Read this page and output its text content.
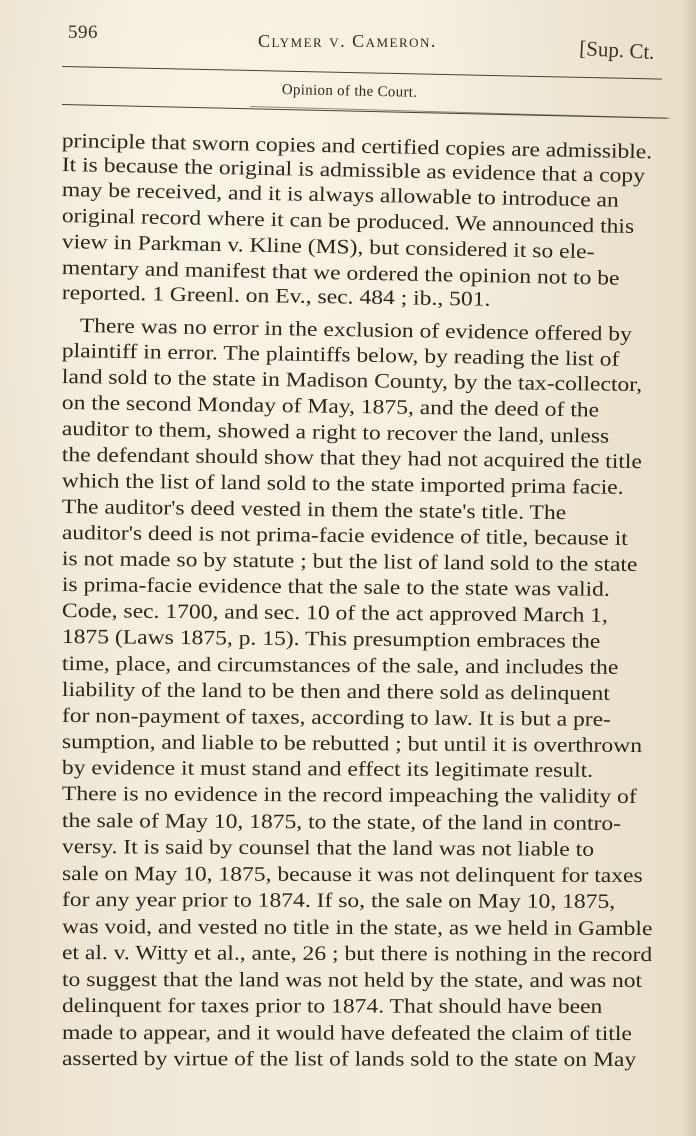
596	Clymer v. Cameron.	[Sup. Ct.
Opinion of the Court.
principle that sworn copies and certified copies are admissible.
It is because the original is admissible as evidence that a copy
may be received, and it is always allowable to introduce an
original record where it can be produced. We announced this
view in Parkman v. Kline (MS), but considered it so ele-
mentary and manifest that we ordered the opinion not to be
reported. 1 Greenl. on Ev., sec. 484 ; ib., 501.
There was no error in the exclusion of evidence offered by
plaintiff in error. The plaintiffs below, by reading the list of
land sold to the state in Madison County, by the tax-collector,
on the second Monday of May, 1875, and the deed of the
auditor to them, showed a right to recover the land, unless
the defendant should show that they had not acquired the title
which the list of land sold to the state imported prima facie.
The auditor's deed vested in them the state's title. The
auditor's deed is not prima-facie evidence of title, because it
is not made so by statute ; but the list of land sold to the state
is prima-facie evidence that the sale to the state was valid.
Code, sec. 1700, and sec. 10 of the act approved March 1,
1875 (Laws 1875, p. 15). This presumption embraces the
time, place, and circumstances of the sale, and includes the
liability of the land to be then and there sold as delinquent
for non-payment of taxes, according to law. It is but a pre-
sumption, and liable to be rebutted ; but until it is overthrown
by evidence it must stand and effect its legitimate result.
There is no evidence in the record impeaching the validity of
the sale of May 10, 1875, to the state, of the land in contro-
versy. It is said by counsel that the land was not liable to
sale on May 10, 1875, because it was not delinquent for taxes
for any year prior to 1874. If so, the sale on May 10, 1875,
was void, and vested no title in the state, as we held in Gamble
et al. v. Witty et al., ante, 26 ; but there is nothing in the record
to suggest that the land was not held by the state, and was not
delinquent for taxes prior to 1874. That should have been
made to appear, and it would have defeated the claim of title
asserted by virtue of the list of lands sold to the state on May
